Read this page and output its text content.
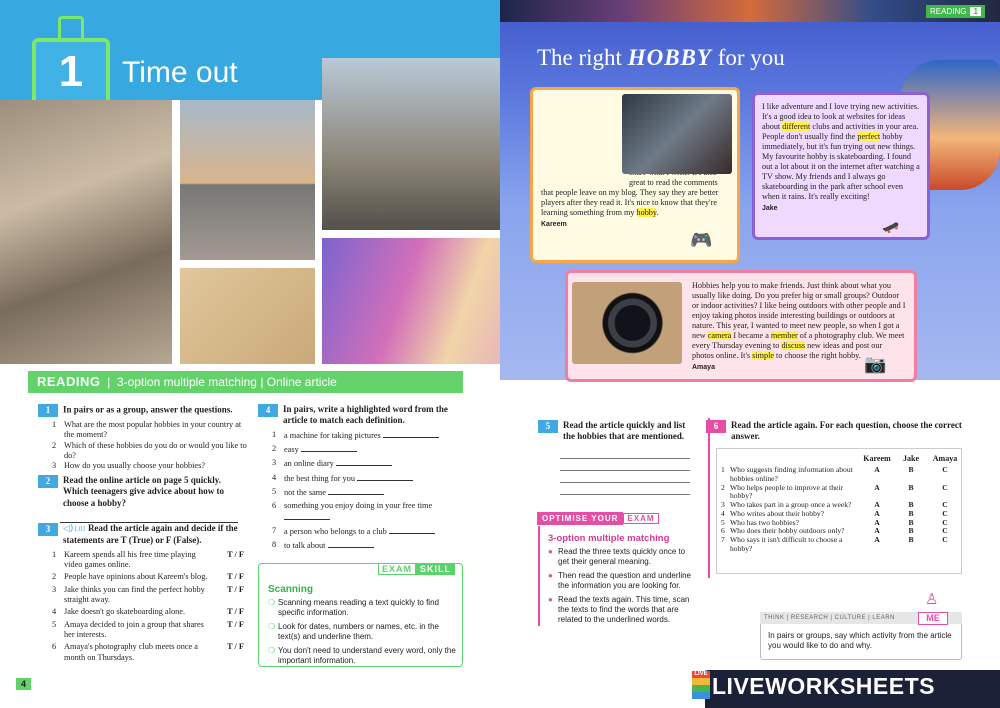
1	Time out
READING  |  3-option multiple matching | Online article
1 In pairs or as a group, answer the questions.
1 What are the most popular hobbies in your country at the moment?
2 Which of these hobbies do you do or would you like to do?
3 How do you usually choose your hobbies?
2	Read the online article on page 5 quickly. Which teenagers give advice about how to choose a hobby?
3	◁)1.01 Read the article again and decide if the statements are T (True) or F (False).
1 Kareem spends all his free time playing video games online.
T / F
2 People have opinions about Kareem's blog.	T / F
3 Jake thinks you can find the perfect hobby straight away.
T / F
4 Jake doesn't go skateboarding alone.	T / F
5 Amaya decided to join a group that shares her interests.
T / F
6 Amaya's photography club meets once a month on Thursdays.
T / F
4	In pairs, write a highlighted word from the article to match each definition.
1 a machine for taking pictures
2 easy
3 an online diary
4 the best thing for you
5 not the same
6 something you enjoy doing in your free time

7 a person who belongs to a club
8 to talk about
EXAM SKILL
Scanning
❍ Scanning means reading a text quickly to find specific information.
❍ Look for dates, numbers or names, etc. in the text(s) and underline them.
❍ You don't need to understand every word, only the important information.
4
READING 1
The right HOBBY for you
great to read the comments that people leave on my blog. They say they are better players after they read it. It's nice to know that they're learning something from my hobby.
Kareem
🎮
I like adventure and I love trying new activities. It's a good idea to look at websites for ideas about different clubs and activities in your area. People don't usually find the perfect hobby immediately, but it's fun trying out new things. My favourite hobby is skateboarding. I found out a lot about it on the internet after watching a TV show. My friends and I always go skateboarding in the park after school even when it rains. It's really exciting!
Jake
🛹
Hobbies help you to make friends. Just think about what you usually like doing. Do you prefer big or small groups? Outdoor or indoor activities? I like being outdoors with other people and I enjoy taking photos inside interesting buildings or outdoors at nature. This year, I wanted to meet new people, so when I got a new camera I became a member of a photography club. We meet every Thursday evening to discuss new ideas and post our photos online. It's simple to choose the right hobby.
Amaya	📷
5	Read the article quickly and list the hobbies that are mentioned.
OPTIMISE YOUR EXAM
3-option multiple matching
● Read the three texts quickly once to get their general meaning.
● Then read the question and underline the information you are looking for.
● Read the texts again. This time, scan the texts to find the words that are related to the underlined words.
6	Read the article again. For each question, choose the correct answer.
	Kareem	Jake	Amaya

1 Who suggests finding information about hobbies online?
A	B	C

2 Who helps people to improve at their hobby?
A	B	C

3 Who takes part in a group once a week?	A	B	C

4 Who writes about their hobby?	A	B	C

5 Who has two hobbies?	A	B	C

6 Who does their hobby outdoors only?	A	B	C

7 Who says it isn't difficult to choose a hobby?
A	B	C
♙
THINK | RESEARCH | CULTURE | LEARN	ME
In pairs or groups, say which activity from the article you would like to do and why.
LIVE LIVEWORKSHEETS
